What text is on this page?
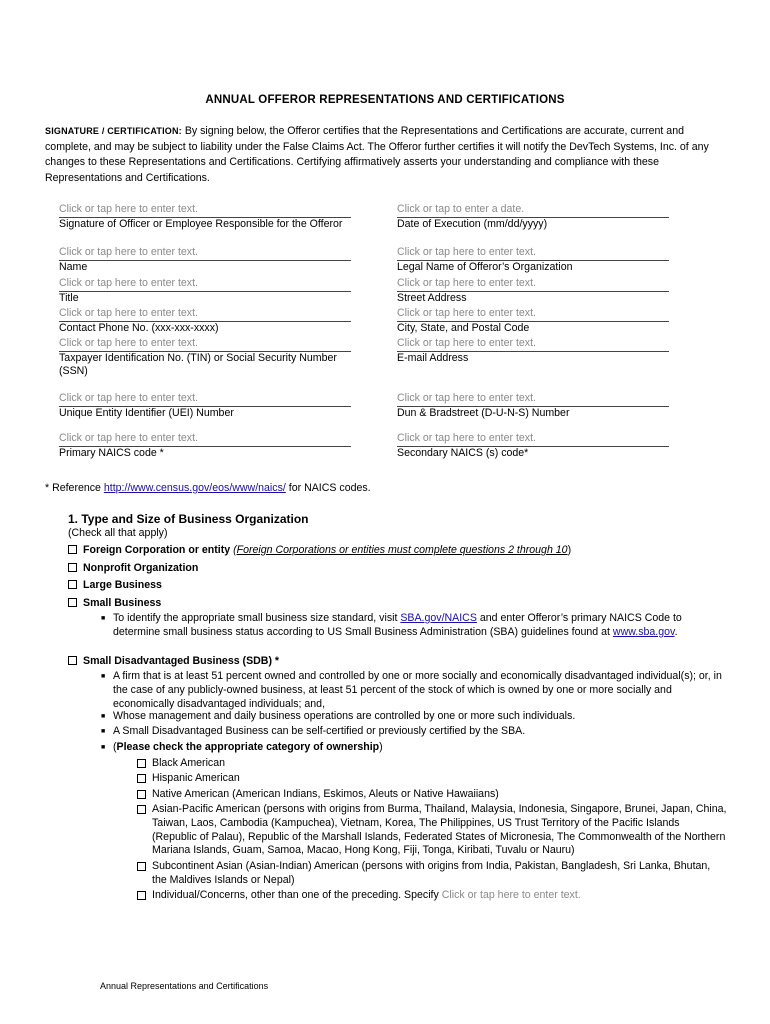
ANNUAL OFFEROR REPRESENTATIONS AND CERTIFICATIONS
SIGNATURE / CERTIFICATION: By signing below, the Offeror certifies that the Representations and Certifications are accurate, current and complete, and may be subject to liability under the False Claims Act. The Offeror further certifies it will notify the DevTech Systems, Inc. of any changes to these Representations and Certifications. Certifying affirmatively asserts your understanding and compliance with these Representations and Certifications.
Click or tap here to enter text.
Signature of Officer or Employee Responsible for the Offeror
Click or tap to enter a date.
Date of Execution (mm/dd/yyyy)
Click or tap here to enter text.
Name
Click or tap here to enter text.
Legal Name of Offeror’s Organization
Click or tap here to enter text.
Title
Click or tap here to enter text.
Street Address
Click or tap here to enter text.
Contact Phone No. (xxx-xxx-xxxx)
Click or tap here to enter text.
City, State, and Postal Code
Click or tap here to enter text.
Taxpayer Identification No. (TIN) or Social Security Number (SSN)
Click or tap here to enter text.
E-mail Address
Click or tap here to enter text.
Unique Entity Identifier (UEI) Number
Click or tap here to enter text.
Dun & Bradstreet (D-U-N-S) Number
Click or tap here to enter text.
Primary NAICS code *
Click or tap here to enter text.
Secondary NAICS (s) code*
* Reference http://www.census.gov/eos/www/naics/ for NAICS codes.
1. Type and Size of Business Organization
(Check all that apply)
Foreign Corporation or entity (Foreign Corporations or entities must complete questions 2 through 10)
Nonprofit Organization
Large Business
Small Business
■ To identify the appropriate small business size standard, visit SBA.gov/NAICS and enter Offeror’s primary NAICS Code to determine small business status according to US Small Business Administration (SBA) guidelines found at www.sba.gov.
Small Disadvantaged Business (SDB) *
■ A firm that is at least 51 percent owned and controlled by one or more socially and economically disadvantaged individual(s); or, in the case of any publicly-owned business, at least 51 percent of the stock of which is owned by one or more socially and economically disadvantaged individuals; and,
■ Whose management and daily business operations are controlled by one or more such individuals.
■ A Small Disadvantaged Business can be self-certified or previously certified by the SBA.
■ (Please check the appropriate category of ownership)
Black American
Hispanic American
Native American (American Indians, Eskimos, Aleuts or Native Hawaiians)
Asian-Pacific American (persons with origins from Burma, Thailand, Malaysia, Indonesia, Singapore, Brunei, Japan, China, Taiwan, Laos, Cambodia (Kampuchea), Vietnam, Korea, The Philippines, US Trust Territory of the Pacific Islands (Republic of Palau), Republic of the Marshall Islands, Federated States of Micronesia, The Commonwealth of the Northern Mariana Islands, Guam, Samoa, Macao, Hong Kong, Fiji, Tonga, Kiribati, Tuvalu or Nauru)
Subcontinent Asian (Asian-Indian) American (persons with origins from India, Pakistan, Bangladesh, Sri Lanka, Bhutan, the Maldives Islands or Nepal)
Individual/Concerns, other than one of the preceding. Specify Click or tap here to enter text.
Annual Representations and Certifications
